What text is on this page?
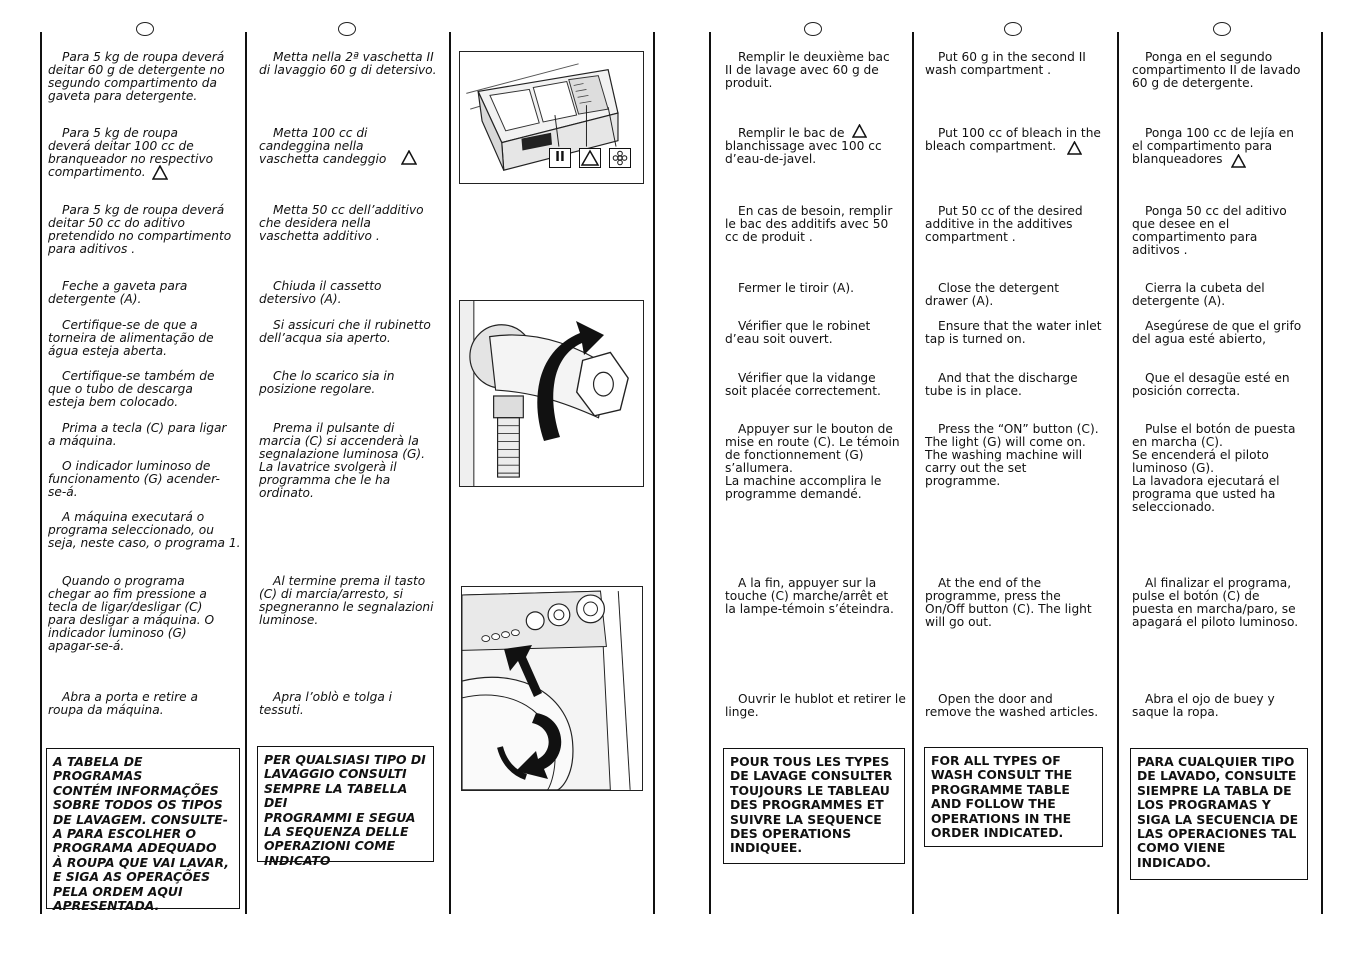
Para 5 kg de roupa deverá
deitar 60 g de detergente no
segundo compartimento da
gaveta para detergente.
Para 5 kg de roupa
deverá deitar 100 cc de
branqueador no respectivo
compartimento.
Para 5 kg de roupa deverá
deitar 50 cc do aditivo
pretendido no compartimento
para aditivos .
Feche a gaveta para
detergente (A).
Certifique-se de que a
torneira de alimentação de
água esteja aberta.
Certifique-se também de
que o tubo de descarga
esteja bem colocado.
Prima a tecla (C) para ligar
a máquina.
O indicador luminoso de
funcionamento (G) acender-
se-á.
A máquina executará o
programa seleccionado, ou
seja, neste caso, o programa 1.
Quando o programa
chegar ao fim pressione a
tecla de ligar/desligar (C)
para desligar a máquina. O
indicador luminoso (G)
apagar-se-á.
Abra a porta e retire a
roupa da máquina.
A TABELA DE PROGRAMAS
CONTÉM INFORMAÇÕES
SOBRE TODOS OS TIPOS
DE LAVAGEM. CONSULTE-
A PARA ESCOLHER O
PROGRAMA ADEQUADO
À ROUPA QUE VAI LAVAR,
E SIGA AS OPERAÇÕES
PELA ORDEM AQUI
APRESENTADA.
Metta nella 2ª vaschetta II
di lavaggio 60 g di detersivo.
Metta 100 cc di
candeggina nella
vaschetta candeggio
Metta 50 cc dell’additivo
che desidera nella
vaschetta additivo .
Chiuda il cassetto
detersivo (A).
Si assicuri che il rubinetto
dell’acqua sia aperto.
Che lo scarico sia in
posizione regolare.
Prema il pulsante di
marcia (C) si accenderà la
segnalazione luminosa (G).
La lavatrice svolgerà il
programma che le ha
ordinato.
Al termine prema il tasto
(C) di marcia/arresto, si
spegneranno le segnalazioni
luminose.
Apra l’oblò e tolga i
tessuti.
PER QUALSIASI TIPO DI
LAVAGGIO CONSULTI
SEMPRE LA TABELLA DEI
PROGRAMMI E SEGUA
LA SEQUENZA DELLE
OPERAZIONI COME
INDICATO
II
Remplir le deuxième bac
II de lavage avec 60 g de
produit.
Remplir le bac de
blanchissage avec 100 cc
d’eau-de-javel.
En cas de besoin, remplir
le bac des additifs avec 50
cc de produit .
Fermer le tiroir (A).
Vérifier que le robinet
d’eau soit ouvert.
Vérifier que la vidange
soit placée correctement.
Appuyer sur le bouton de
mise en route (C). Le témoin
de fonctionnement (G)
s’allumera.
La machine accomplira le
programme demandé.
A la fin, appuyer sur la
touche (C) marche/arrêt et
la lampe-témoin s’éteindra.
Ouvrir le hublot et retirer le
linge.
POUR TOUS LES TYPES
DE LAVAGE CONSULTER
TOUJOURS LE TABLEAU
DES PROGRAMMES ET
SUIVRE LA SEQUENCE
DES OPERATIONS
INDIQUEE.
Put 60 g in the second II
wash compartment .
Put 100 cc of bleach in the
bleach compartment.
Put 50 cc of the desired
additive in the additives
compartment .
Close the detergent
drawer (A).
Ensure that the water inlet
tap is turned on.
And that the discharge
tube is in place.
Press the “ON” button (C).
The light (G) will come on.
The washing machine will
carry out the set
programme.
At the end of the
programme, press the
On/Off button (C). The light
will go out.
Open the door and
remove the washed articles.
FOR ALL TYPES OF
WASH CONSULT THE
PROGRAMME TABLE
AND FOLLOW THE
OPERATIONS IN THE
ORDER INDICATED.
Ponga en el segundo
compartimento II de lavado
60 g de detergente.
Ponga 100 cc de lejía en
el compartimento para
blanqueadores
Ponga 50 cc del aditivo
que desee en el
compartimento para
aditivos .
Cierra la cubeta del
detergente (A).
Asegúrese de que el grifo
del agua esté abierto,
Que el desagüe esté en
posición correcta.
Pulse el botón de puesta
en marcha (C).
Se encenderá el piloto
luminoso (G).
La lavadora ejecutará el
programa que usted ha
seleccionado.
Al finalizar el programa,
pulse el botón (C) de
puesta en marcha/paro, se
apagará el piloto luminoso.
Abra el ojo de buey y
saque la ropa.
PARA CUALQUIER TIPO
DE LAVADO, CONSULTE
SIEMPRE LA TABLA DE
LOS PROGRAMAS Y
SIGA LA SECUENCIA DE
LAS OPERACIONES TAL
COMO VIENE
INDICADO.
